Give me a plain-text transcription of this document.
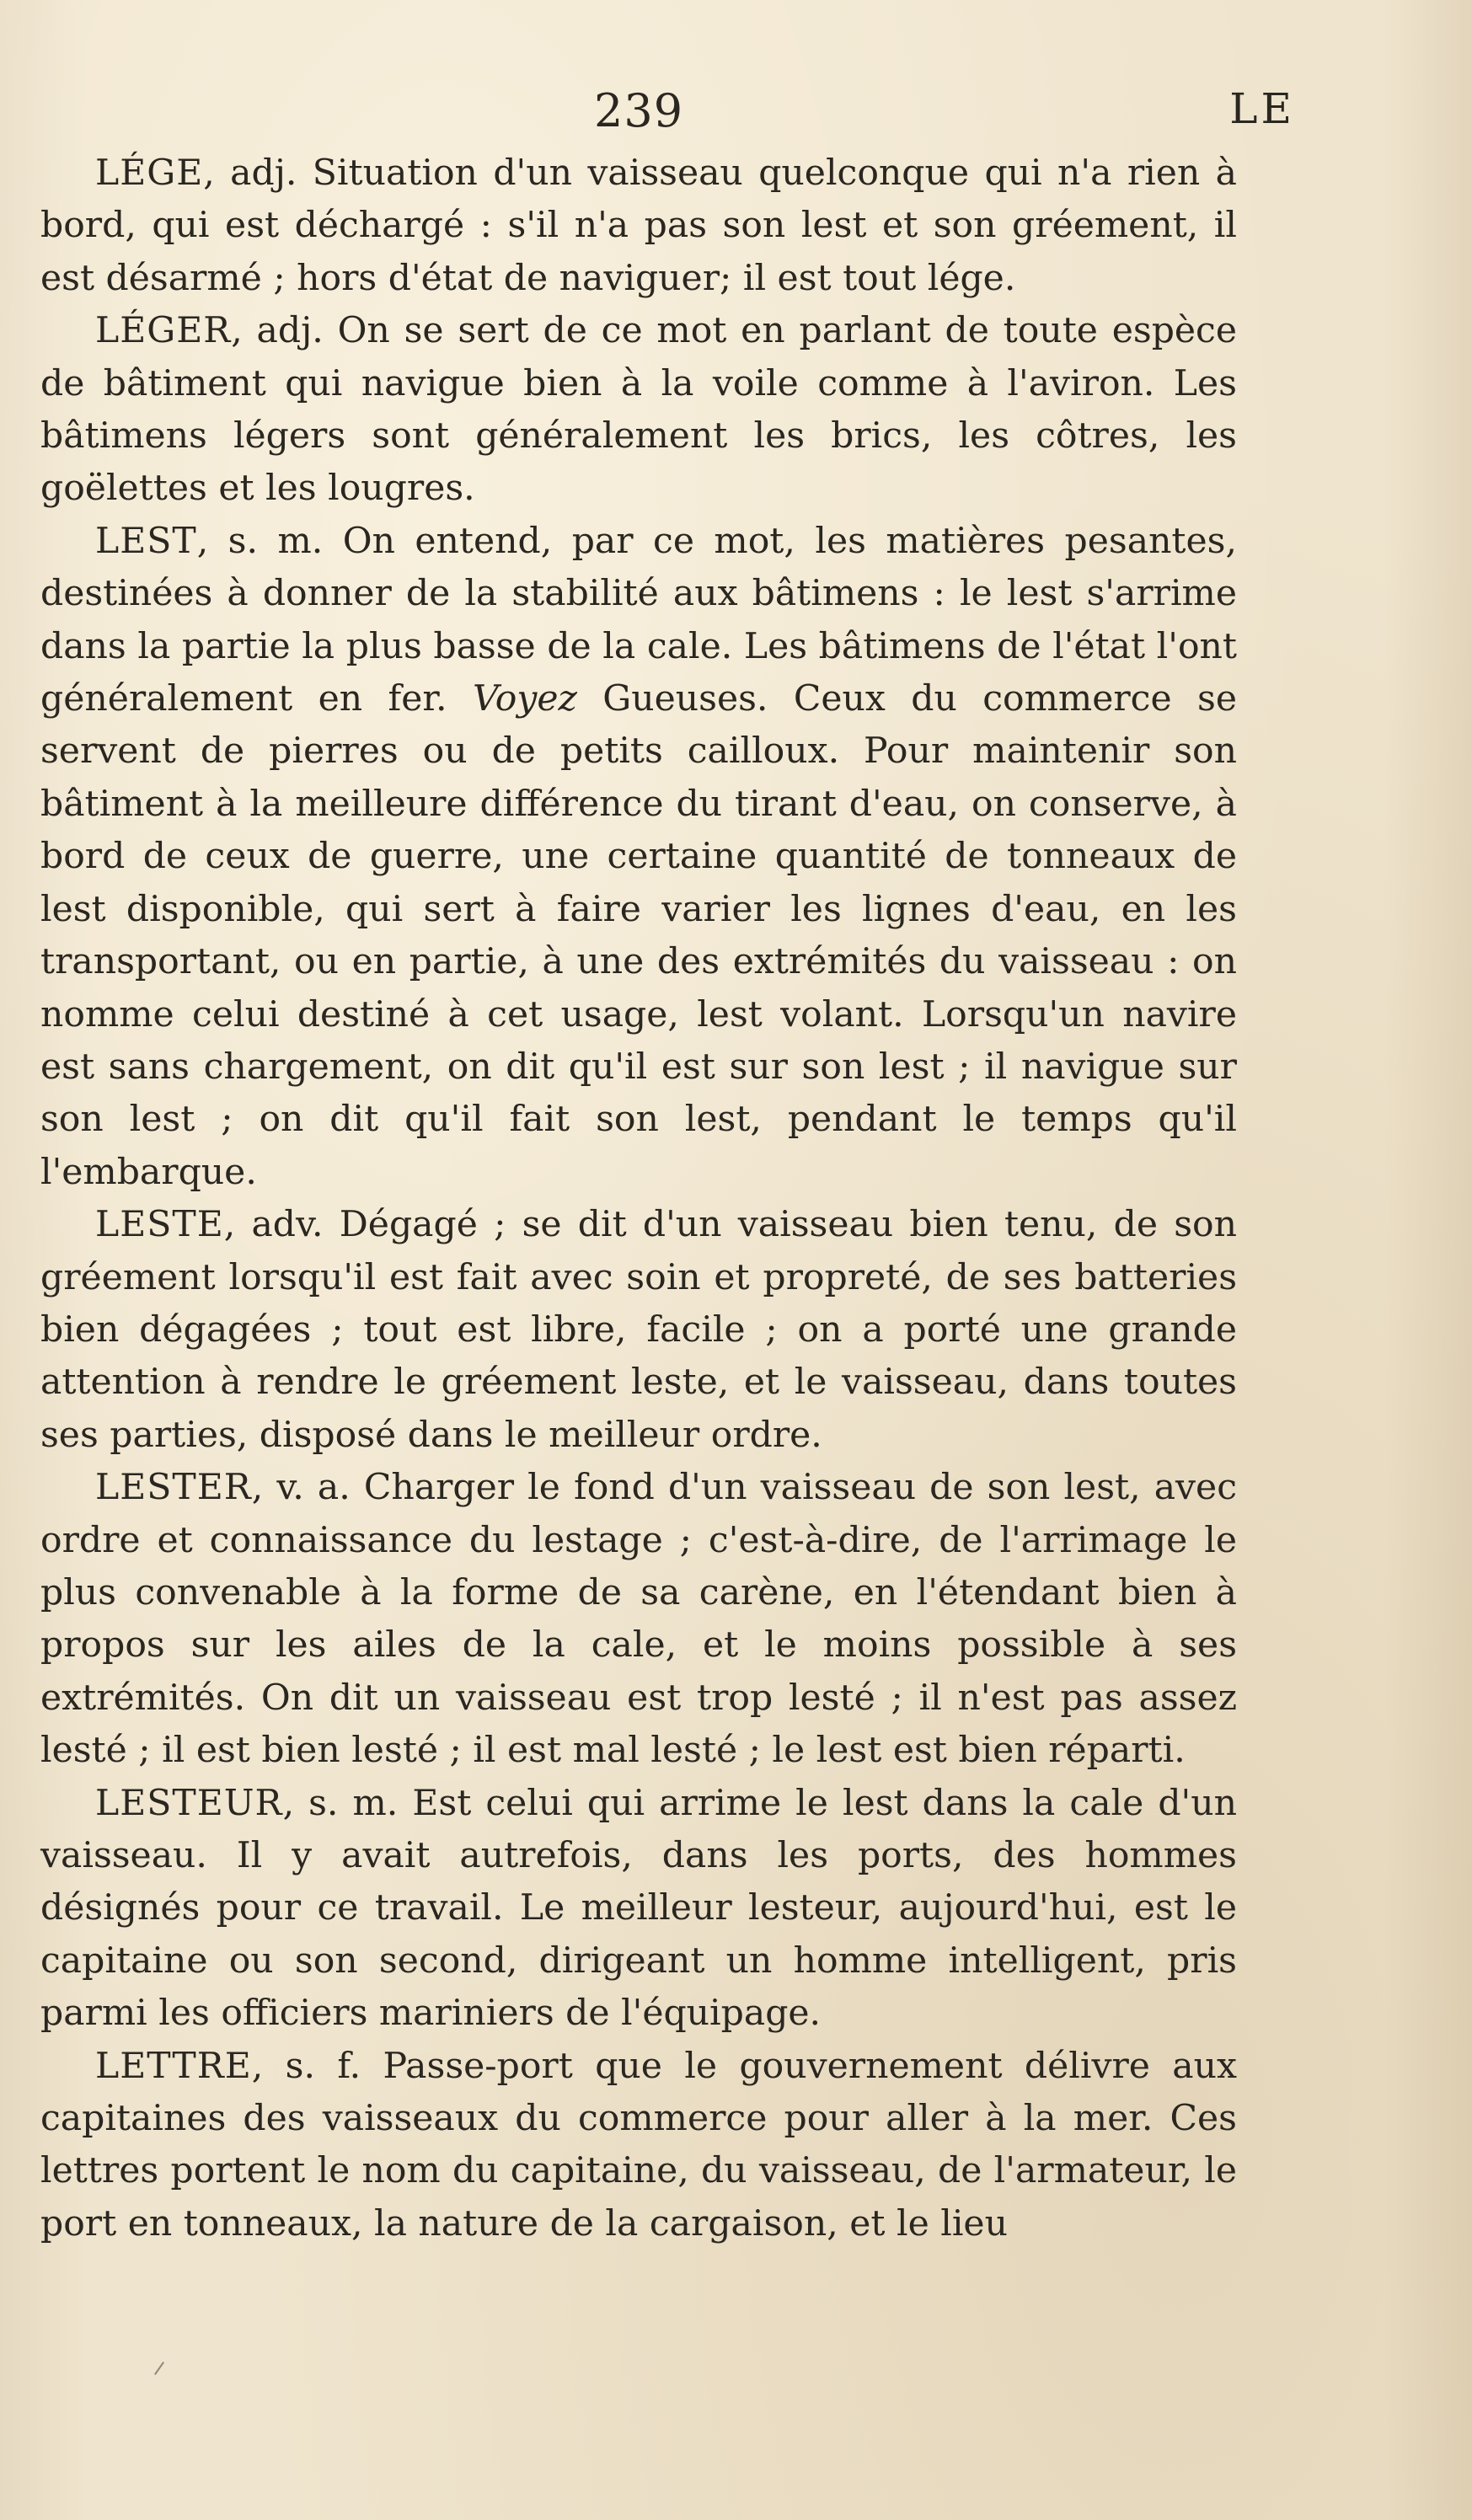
239	LE

LÉGE, adj. Situation d'un vaisseau quelconque qui n'a rien à bord, qui est déchargé : s'il n'a pas son lest et son gréement, il est désarmé ; hors d'état de naviguer; il est tout lége.

LÉGER, adj. On se sert de ce mot en parlant de toute espèce de bâtiment qui navigue bien à la voile comme à l'aviron. Les bâtimens légers sont généralement les brics, les côtres, les goëlettes et les lougres.

LEST, s. m. On entend, par ce mot, les matières pesantes, destinées à donner de la stabilité aux bâtimens : le lest s'arrime dans la partie la plus basse de la cale. Les bâtimens de l'état l'ont généralement en fer. Voyez Gueuses. Ceux du commerce se servent de pierres ou de petits cailloux. Pour maintenir son bâtiment à la meilleure différence du tirant d'eau, on conserve, à bord de ceux de guerre, une certaine quantité de tonneaux de lest disponible, qui sert à faire varier les lignes d'eau, en les transportant, ou en partie, à une des extrémités du vaisseau : on nomme celui destiné à cet usage, lest volant. Lorsqu'un navire est sans chargement, on dit qu'il est sur son lest ; il navigue sur son lest ; on dit qu'il fait son lest, pendant le temps qu'il l'embarque.

LESTE, adv. Dégagé ; se dit d'un vaisseau bien tenu, de son gréement lorsqu'il est fait avec soin et propreté, de ses batteries bien dégagées ; tout est libre, facile ; on a porté une grande attention à rendre le gréement leste, et le vaisseau, dans toutes ses parties, disposé dans le meilleur ordre.

LESTER, v. a. Charger le fond d'un vaisseau de son lest, avec ordre et connaissance du lestage ; c'est-à-dire, de l'arrimage le plus convenable à la forme de sa carène, en l'étendant bien à propos sur les ailes de la cale, et le moins possible à ses extrémités. On dit un vaisseau est trop lesté ; il n'est pas assez lesté ; il est bien lesté ; il est mal lesté ; le lest est bien réparti.

LESTEUR, s. m. Est celui qui arrime le lest dans la cale d'un vaisseau. Il y avait autrefois, dans les ports, des hommes désignés pour ce travail. Le meilleur lesteur, aujourd'hui, est le capitaine ou son second, dirigeant un homme intelligent, pris parmi les officiers mariniers de l'équipage.

LETTRE, s. f. Passe-port que le gouvernement délivre aux capitaines des vaisseaux du commerce pour aller à la mer. Ces lettres portent le nom du capitaine, du vaisseau, de l'armateur, le port en tonneaux, la nature de la cargaison, et le lieu
